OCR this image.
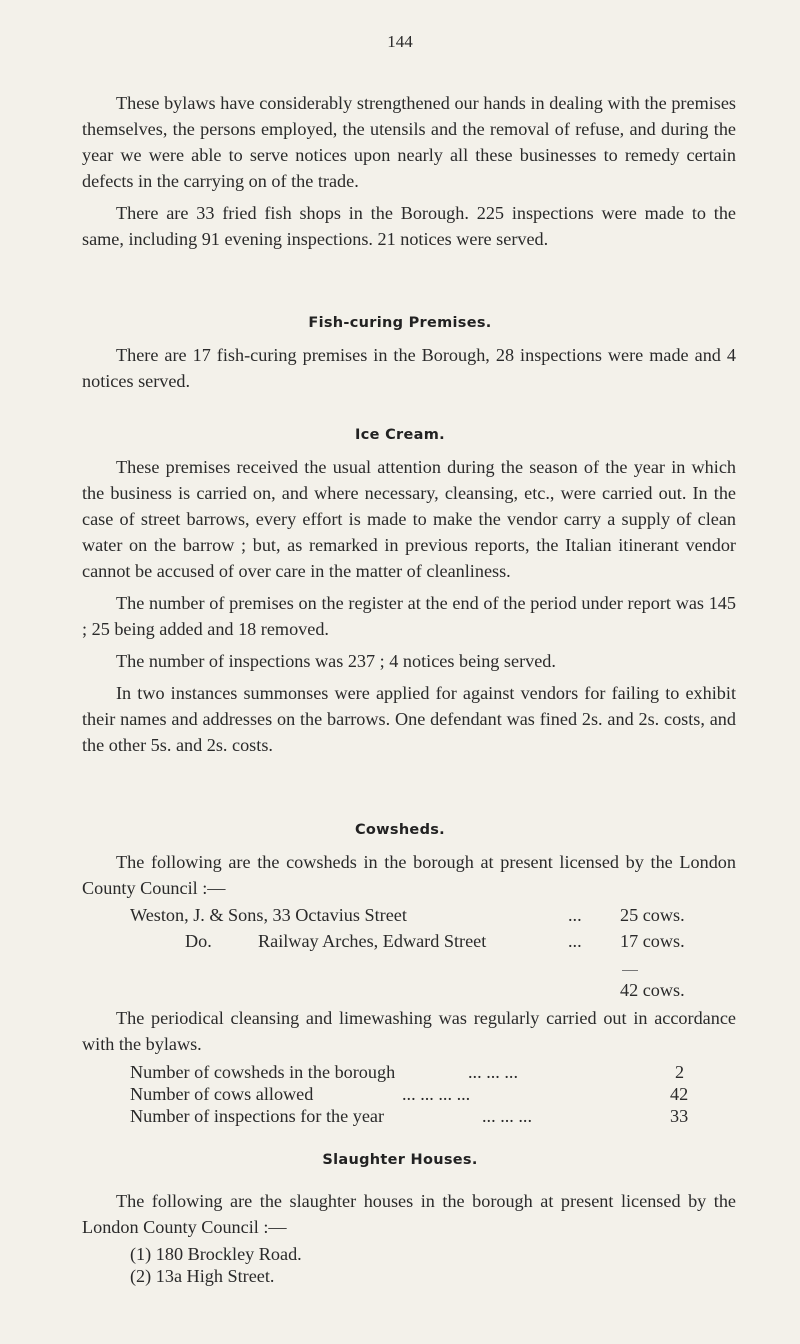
144

These bylaws have considerably strengthened our hands in dealing with the premises themselves, the persons employed, the utensils and the removal of refuse, and during the year we were able to serve notices upon nearly all these businesses to remedy certain defects in the carrying on of the trade.

There are 33 fried fish shops in the Borough. 225 inspections were made to the same, including 91 evening inspections. 21 notices were served.

Fish-curing Premises.

There are 17 fish-curing premises in the Borough, 28 inspections were made and 4 notices served.

Ice Cream.

These premises received the usual attention during the season of the year in which the business is carried on, and where necessary, cleansing, etc., were carried out. In the case of street barrows, every effort is made to make the vendor carry a supply of clean water on the barrow ; but, as remarked in previous reports, the Italian itinerant vendor cannot be accused of over care in the matter of cleanliness.

The number of premises on the register at the end of the period under report was 145 ; 25 being added and 18 removed.

The number of inspections was 237 ; 4 notices being served.

In two instances summonses were applied for against vendors for failing to exhibit their names and addresses on the barrows. One defendant was fined 2s. and 2s. costs, and the other 5s. and 2s. costs.

Cowsheds.

The following are the cowsheds in the borough at present licensed by the London County Council :—

Weston, J. & Sons, 33 Octavius Street	... 25 cows.
Do.	Railway Arches, Edward Street	... 17 cows.
42 cows.

The periodical cleansing and limewashing was regularly carried out in accordance with the bylaws.

Number of cowsheds in the borough	... ... ...	2
Number of cows allowed	... ... ... ...	42
Number of inspections for the year	... ... ...	33
Slaughter Houses.

The following are the slaughter houses in the borough at present licensed by the London County Council :—

(1) 180 Brockley Road.
(2) 13a High Street.
